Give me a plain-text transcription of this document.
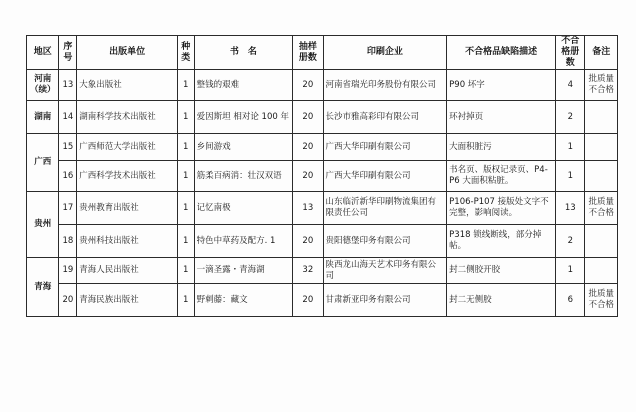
地区	序号	出版单位	种类	书　名	抽样册数	印刷企业	不合格品缺陷描述	不合格册数	备注
河南（续）	13	大象出版社	1	整钱的艰难	20	河南省瑞光印务股份有限公司	P90 坏字	4	批质量不合格
湖南	14	湖南科学技术出版社	1	爱因斯坦 相对论 100 年	20	长沙市雅高彩印有限公司	环衬掉页	2	
广西	15	广西师范大学出版社	1	乡间游戏	20	广西大华印刷有限公司	大面积脏污	1	
	16	广西科学技术出版社	1	筋柔百病消：壮汉双语	20	广西大华印刷有限公司	书名页、版权记录页、P4-P6 大面积粘脏。	1	
贵州	17	贵州教育出版社	1	记忆南极	13	山东临沂新华印刷物流集团有限责任公司	P106-P107 接版处文字不完整，影响阅读。	13	批质量不合格
	18	贵州科技出版社	1	特色中草药及配方. 1	20	贵阳德堡印务有限公司	P318 锁线断线，部分掉帖。	2	
青海	19	青海人民出版社	1	一滴圣露・青海湖	32	陕西龙山海天艺术印务有限公司	封二侧胶开胶	1	
	20	青海民族出版社	1	野刺藤：藏文	20	甘肃新亚印务有限公司	封二无侧胶	6	批质量不合格
